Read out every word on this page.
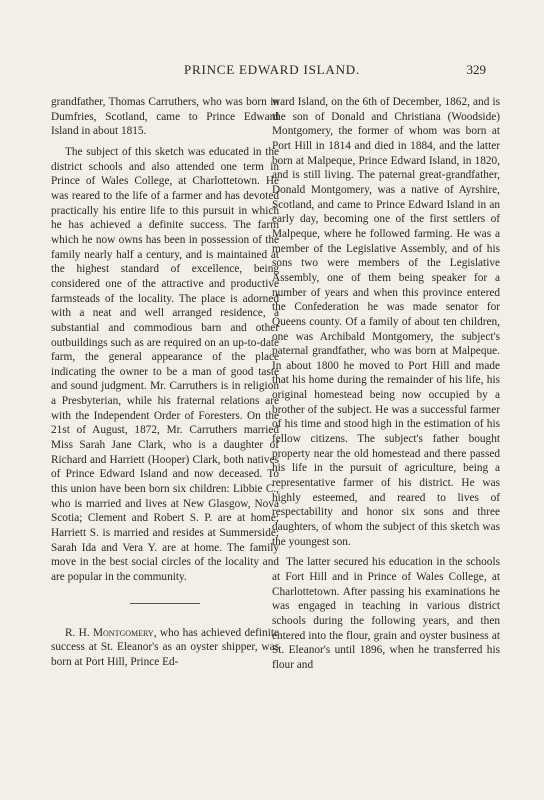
PRINCE EDWARD ISLAND.	329

grandfather, Thomas Carruthers, who was born in Dumfries, Scotland, came to Prince Edward Island in about 1815.

The subject of this sketch was educated in the district schools and also attended one term in Prince of Wales College, at Charlottetown. He was reared to the life of a farmer and has devoted practically his entire life to this pursuit in which he has achieved a definite success. The farm which he now owns has been in possession of the family nearly half a century, and is maintained at the highest standard of excellence, being considered one of the attractive and productive farmsteads of the locality. The place is adorned with a neat and well arranged residence, a substantial and commodious barn and other outbuildings such as are required on an up-to-date farm, the general appearance of the place indicating the owner to be a man of good taste and sound judgment. Mr. Carruthers is in religion a Presbyterian, while his fraternal relations are with the Independent Order of Foresters. On the 21st of August, 1872, Mr. Carruthers married Miss Sarah Jane Clark, who is a daughter of Richard and Harriett (Hooper) Clark, both natives of Prince Edward Island and now deceased. To this union have been born six children: Libbie C., who is married and lives at New Glasgow, Nova Scotia; Clement and Robert S. P. are at home; Harriett S. is married and resides at Summerside; Sarah Ida and Vera Y. are at home. The family move in the best social circles of the locality and are popular in the community.

R. H. Montgomery, who has achieved definite success at St. Eleanor's as an oyster shipper, was born at Port Hill, Prince Ed-

ward Island, on the 6th of December, 1862, and is the son of Donald and Christiana (Woodside) Montgomery, the former of whom was born at Port Hill in 1814 and died in 1884, and the latter born at Malpeque, Prince Edward Island, in 1820, and is still living. The paternal great-grandfather, Donald Montgomery, was a native of Ayrshire, Scotland, and came to Prince Edward Island in an early day, becoming one of the first settlers of Malpeque, where he followed farming. He was a member of the Legislative Assembly, and of his sons two were members of the Legislative Assembly, one of them being speaker for a number of years and when this province entered the Confederation he was made senator for Queens county. Of a family of about ten children, one was Archibald Montgomery, the subject's paternal grandfather, who was born at Malpeque. In about 1800 he moved to Port Hill and made that his home during the remainder of his life, his original homestead being now occupied by a brother of the subject. He was a successful farmer of his time and stood high in the estimation of his fellow citizens. The subject's father bought property near the old homestead and there passed his life in the pursuit of agriculture, being a representative farmer of his district. He was highly esteemed, and reared to lives of respectability and honor six sons and three daughters, of whom the subject of this sketch was the youngest son.

The latter secured his education in the schools at Fort Hill and in Prince of Wales College, at Charlottetown. After passing his examinations he was engaged in teaching in various district schools during the following years, and then entered into the flour, grain and oyster business at St. Eleanor's until 1896, when he transferred his flour and
